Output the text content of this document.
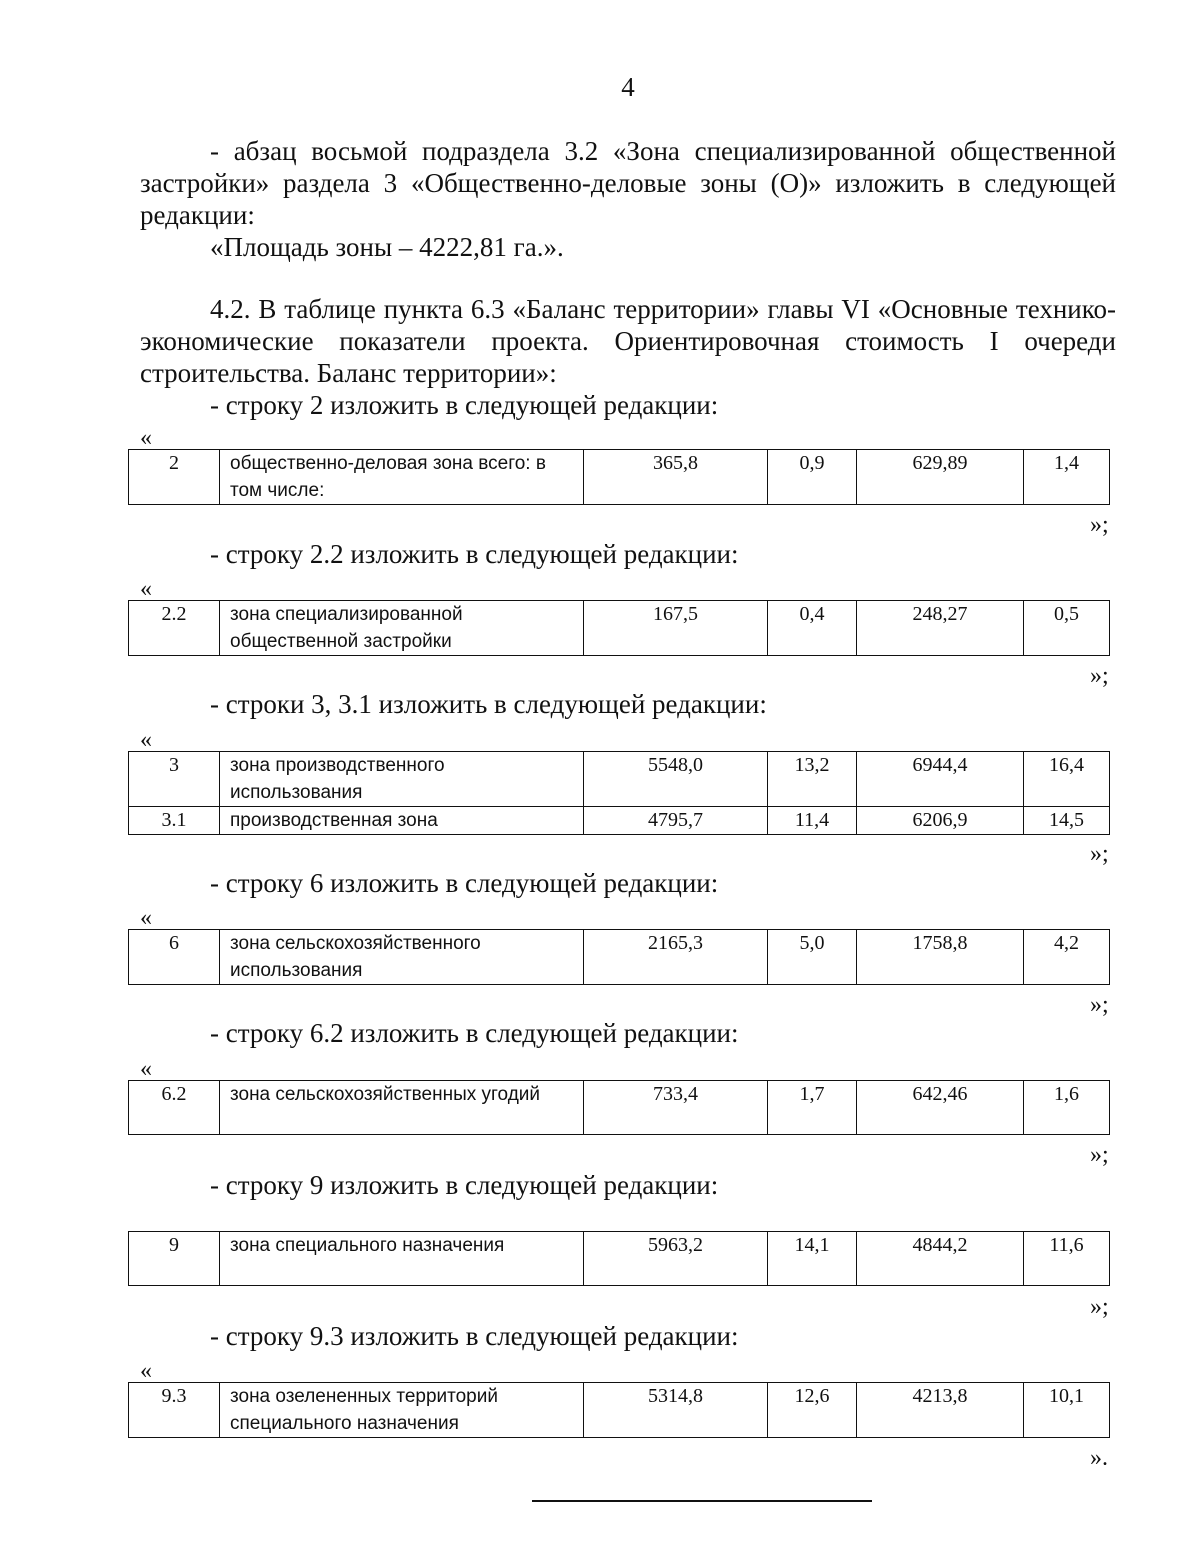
4
- абзац восьмой подраздела 3.2 «Зона специализированной общественной застройки» раздела 3 «Общественно-деловые зоны (О)» изложить в следующей редакции:
«Площадь зоны – 4222,81 га.».
4.2. В таблице пункта 6.3 «Баланс территории» главы VI «Основные технико-экономические показатели проекта. Ориентировочная стоимость I очереди строительства. Баланс территории»:
- строку 2 изложить в следующей редакции:
«
2	общественно-деловая зона всего: в том числе:	365,8	0,9	629,89	1,4
»;
- строку 2.2 изложить в следующей редакции:
«
2.2	зона специализированной общественной застройки	167,5	0,4	248,27	0,5
»;
- строки 3, 3.1 изложить в следующей редакции:
«
3	зона производственного использования	5548,0	13,2	6944,4	16,4
3.1	производственная зона	4795,7	11,4	6206,9	14,5
»;
- строку 6 изложить в следующей редакции:
«
6	зона сельскохозяйственного использования	2165,3	5,0	1758,8	4,2
»;
- строку 6.2 изложить в следующей редакции:
«
6.2	зона сельскохозяйственных угодий	733,4	1,7	642,46	1,6
»;
- строку 9 изложить в следующей редакции:
9	зона специального назначения	5963,2	14,1	4844,2	11,6
»;
- строку 9.3 изложить в следующей редакции:
«
9.3	зона озелененных территорий специального назначения	5314,8	12,6	4213,8	10,1
».
